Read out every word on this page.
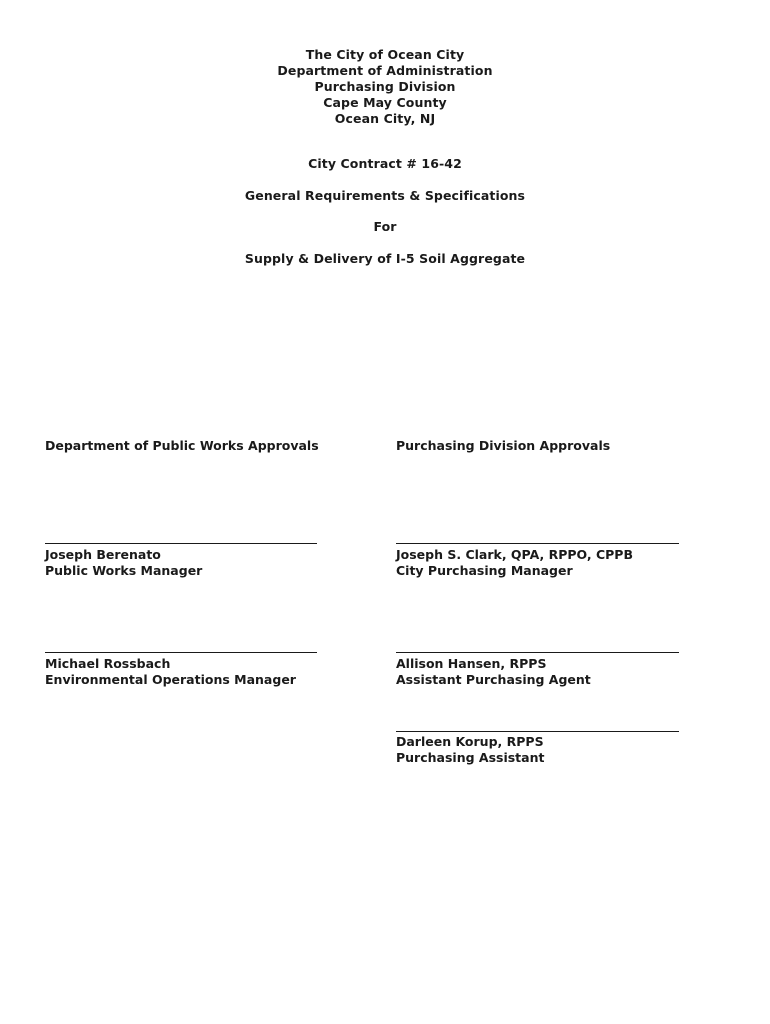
The City of Ocean City
Department of Administration
Purchasing Division
Cape May County
Ocean City, NJ
City Contract # 16-42
General Requirements & Specifications
For
Supply & Delivery of I-5 Soil Aggregate
Department of Public Works Approvals
Joseph Berenato
Public Works Manager
Michael Rossbach
Environmental Operations Manager
Purchasing Division Approvals
Joseph S. Clark, QPA, RPPO, CPPB
City Purchasing Manager
Allison Hansen, RPPS
Assistant Purchasing Agent
Darleen Korup, RPPS
Purchasing Assistant
